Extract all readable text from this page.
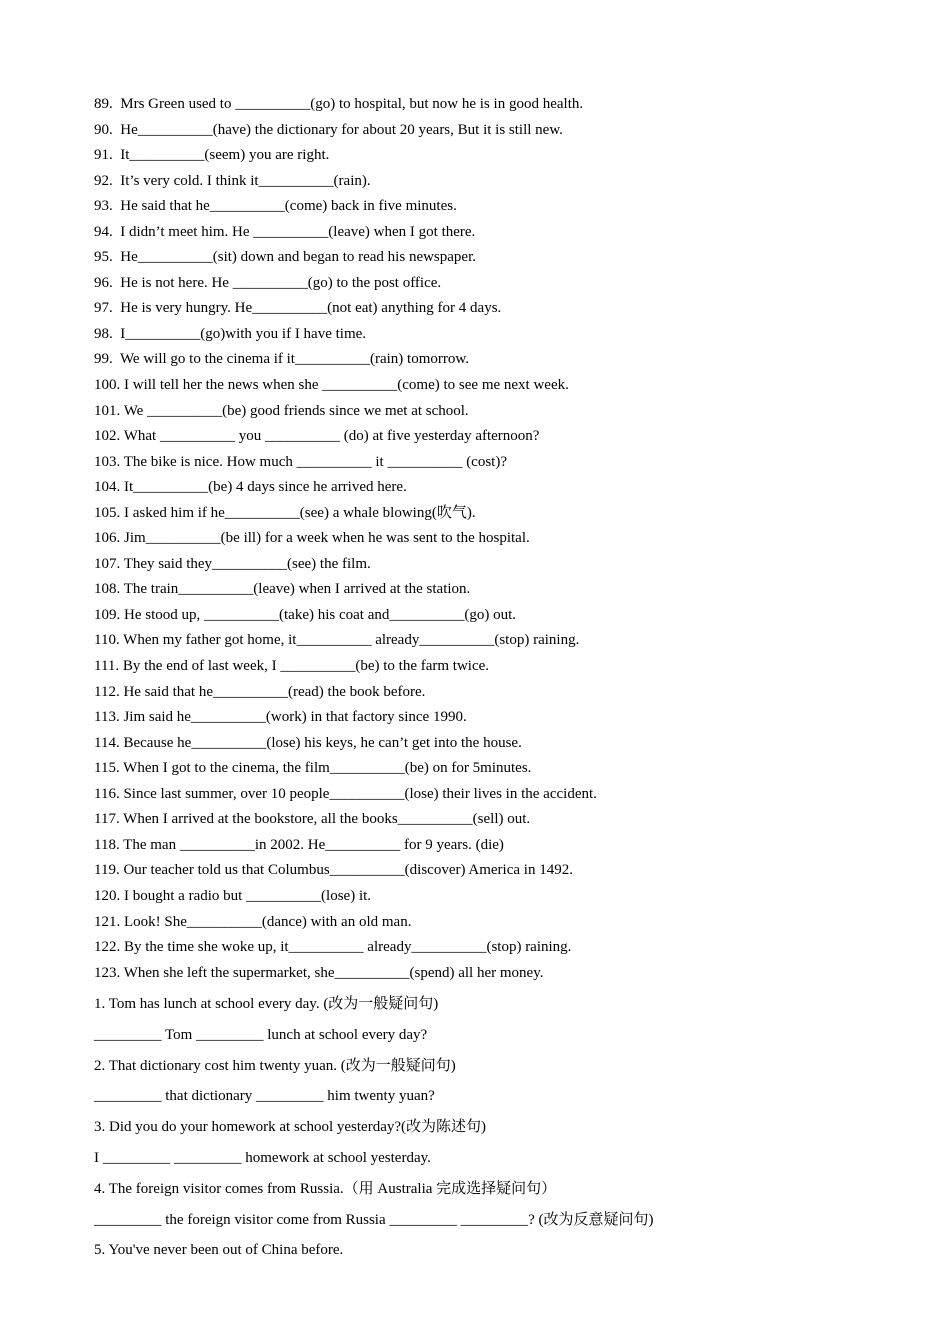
89.  Mrs Green used to __________(go) to hospital, but now he is in good health.
90.  He__________(have) the dictionary for about 20 years, But it is still new.
91.  It__________(seem) you are right.
92.  It’s very cold. I think it__________(rain).
93.  He said that he__________(come) back in five minutes.
94.  I didn’t meet him. He __________(leave) when I got there.
95.  He__________(sit) down and began to read his newspaper.
96.  He is not here. He __________(go) to the post office.
97.  He is very hungry. He__________(not eat) anything for 4 days.
98.  I__________(go)with you if I have time.
99.  We will go to the cinema if it__________(rain) tomorrow.
100. I will tell her the news when she __________(come) to see me next week.
101. We __________(be) good friends since we met at school.
102. What __________ you __________ (do) at five yesterday afternoon?
103. The bike is nice. How much __________ it __________ (cost)?
104. It__________(be) 4 days since he arrived here.
105. I asked him if he__________(see) a whale blowing(吹气).
106. Jim__________(be ill) for a week when he was sent to the hospital.
107. They said they__________(see) the film.
108. The train__________(leave) when I arrived at the station.
109. He stood up, __________(take) his coat and__________(go) out.
110. When my father got home, it__________ already__________(stop) raining.
111. By the end of last week, I __________(be) to the farm twice.
112. He said that he__________(read) the book before.
113. Jim said he__________(work) in that factory since 1990.
114. Because he__________(lose) his keys, he can’t get into the house.
115. When I got to the cinema, the film__________(be) on for 5minutes.
116. Since last summer, over 10 people__________(lose) their lives in the accident.
117. When I arrived at the bookstore, all the books__________(sell) out.
118. The man __________in 2002. He__________ for 9 years. (die)
119. Our teacher told us that Columbus__________(discover) America in 1492.
120. I bought a radio but __________(lose) it.
121. Look! She__________(dance) with an old man.
122. By the time she woke up, it__________ already__________(stop) raining.
123. When she left the supermarket, she__________(spend) all her money.
1. Tom has lunch at school every day. (改为一般疑问句)
_________ Tom _________ lunch at school every day?
2. That dictionary cost him twenty yuan. (改为一般疑问句)
_________ that dictionary _________ him twenty yuan?
3. Did you do your homework at school yesterday?(改为陈述句)
I _________ _________ homework at school yesterday.
4. The foreign visitor comes from Russia.（用 Australia 完成选择疑问句）
_________ the foreign visitor come from Russia _________ _________? (改为反意疑问句)
5. You've never been out of China before.
